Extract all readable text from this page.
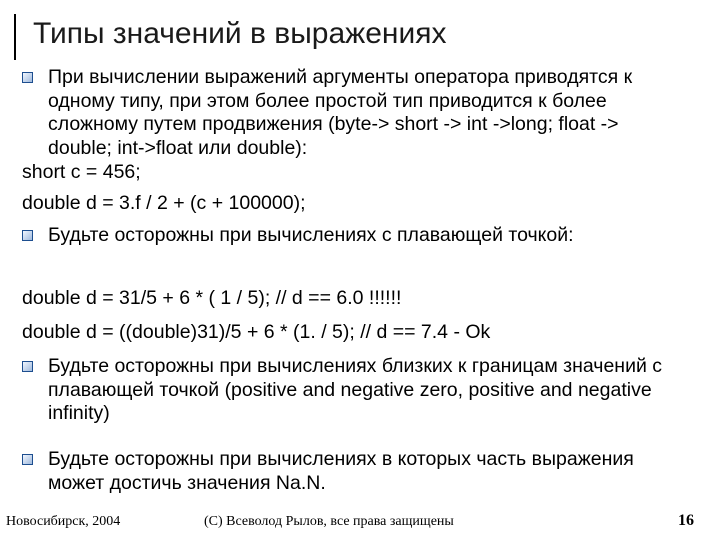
Типы значений в выражениях
При вычислении выражений аргументы оператора приводятся к одному типу, при этом более простой тип приводится к более сложному путем продвижения (byte-> short -> int ->long; float -> double; int->float или double):
short c = 456;
double d = 3.f / 2 + (c + 100000);
Будьте осторожны при вычислениях с плавающей точкой:
double d = 31/5 + 6 * ( 1 / 5); // d == 6.0 !!!!!!
double d = ((double)31)/5 + 6 * (1. / 5); // d == 7.4 - Ok
Будьте осторожны при вычислениях близких к границам значений с плавающей точкой (positive and negative zero, positive and negative infinity)
Будьте осторожны при вычислениях в которых часть выражения может достичь значения Na.N.
Новосибирск, 2004	(C) Всеволод Рылов, все права защищены	16
